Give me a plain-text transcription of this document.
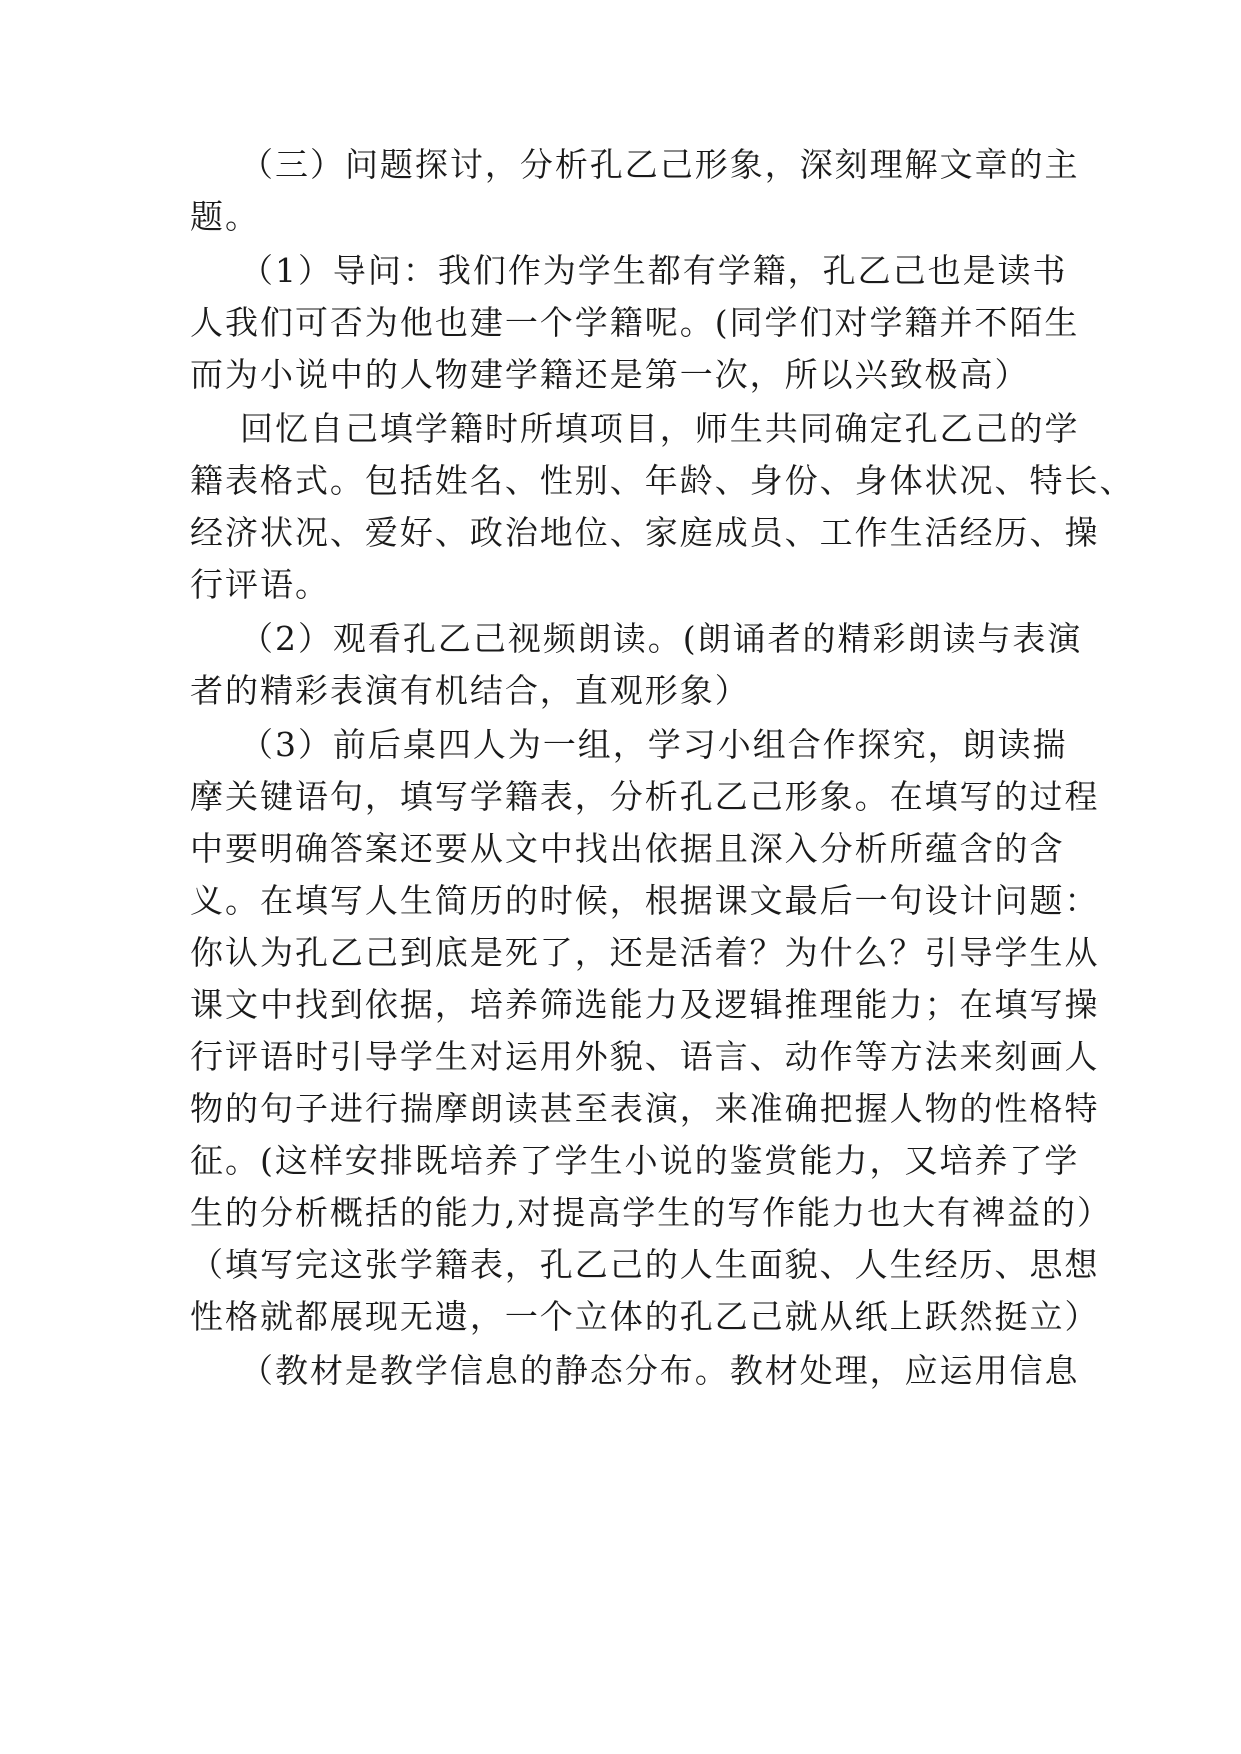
（三）问题探讨，分析孔乙己形象，深刻理解文章的主
题。
（1）导问：我们作为学生都有学籍，孔乙己也是读书
人我们可否为他也建一个学籍呢。(同学们对学籍并不陌生
而为小说中的人物建学籍还是第一次，所以兴致极高）
回忆自己填学籍时所填项目，师生共同确定孔乙己的学
籍表格式。包括姓名、性别、年龄、身份、身体状况、特长、
经济状况、爱好、政治地位、家庭成员、工作生活经历、操
行评语。
（2）观看孔乙己视频朗读。(朗诵者的精彩朗读与表演
者的精彩表演有机结合，直观形象）
（3）前后桌四人为一组，学习小组合作探究，朗读揣
摩关键语句，填写学籍表，分析孔乙己形象。在填写的过程
中要明确答案还要从文中找出依据且深入分析所蕴含的含
义。在填写人生简历的时候，根据课文最后一句设计问题：
你认为孔乙己到底是死了，还是活着？为什么？引导学生从
课文中找到依据，培养筛选能力及逻辑推理能力；在填写操
行评语时引导学生对运用外貌、语言、动作等方法来刻画人
物的句子进行揣摩朗读甚至表演，来准确把握人物的性格特
征。(这样安排既培养了学生小说的鉴赏能力，又培养了学
生的分析概括的能力,对提高学生的写作能力也大有裨益的）
（填写完这张学籍表，孔乙己的人生面貌、人生经历、思想
性格就都展现无遗，一个立体的孔乙己就从纸上跃然挺立）
（教材是教学信息的静态分布。教材处理，应运用信息
